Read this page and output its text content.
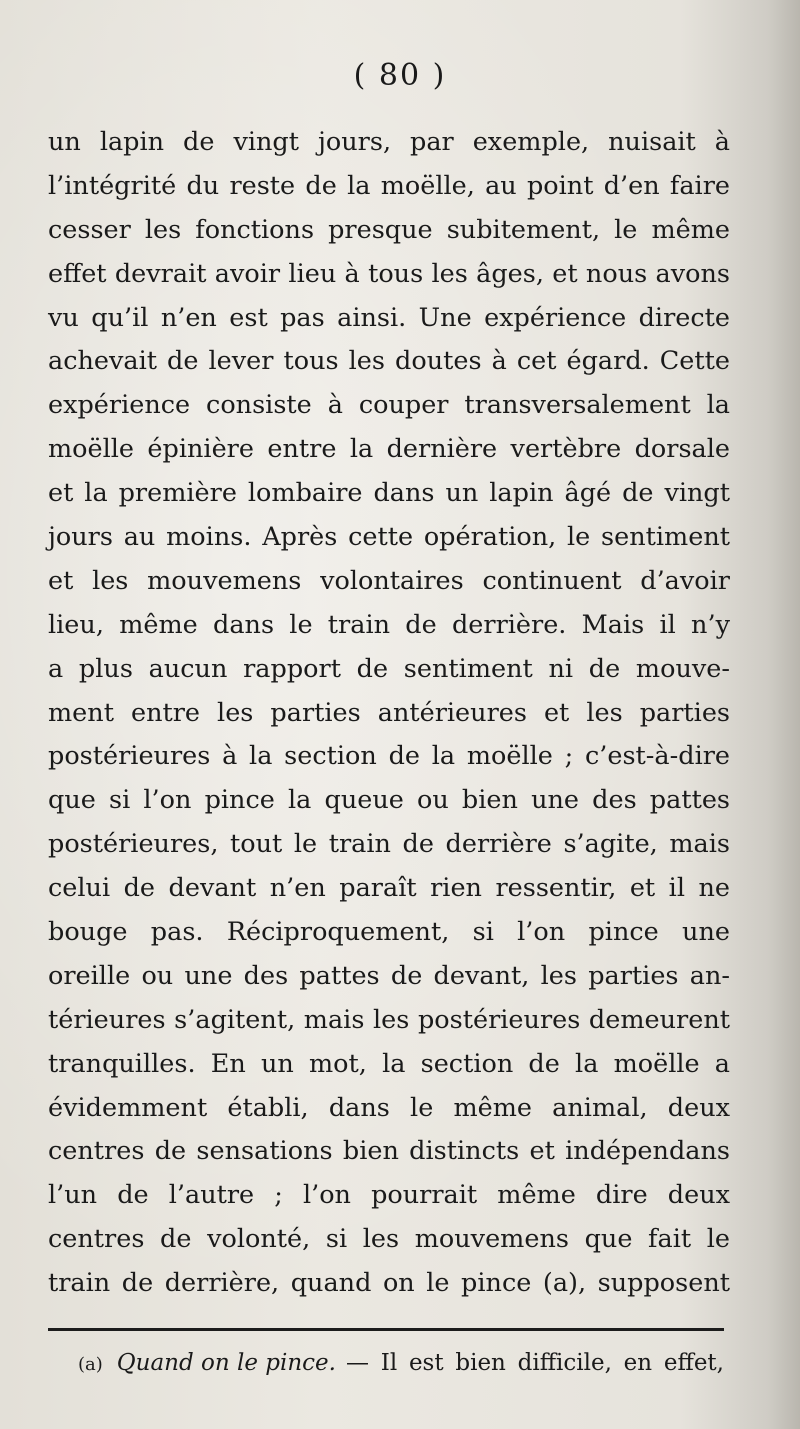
( 80 )
un lapin de vingt jours, par exemple, nuisait à
l’intégrité du reste de la moëlle, au point d’en faire
cesser les fonctions presque subitement, le même
effet devrait avoir lieu à tous les âges, et nous avons
vu qu’il n’en est pas ainsi. Une expérience directe
achevait de lever tous les doutes à cet égard. Cette
expérience consiste à couper transversalement la
moëlle épinière entre la dernière vertèbre dorsale
et la première lombaire dans un lapin âgé de vingt
jours au moins. Après cette opération, le sentiment
et les mouvemens volontaires continuent d’avoir
lieu, même dans le train de derrière. Mais il n’y
a plus aucun rapport de sentiment ni de mouve-
ment entre les parties antérieures et les parties
postérieures à la section de la moëlle ; c’est-à-dire
que si l’on pince la queue ou bien une des pattes
postérieures, tout le train de derrière s’agite, mais
celui de devant n’en paraît rien ressentir, et il ne
bouge pas. Réciproquement, si l’on pince une
oreille ou une des pattes de devant, les parties an-
térieures s’agitent, mais les postérieures demeurent
tranquilles. En un mot, la section de la moëlle a
évidemment établi, dans le même animal, deux
centres de sensations bien distincts et indépendans
l’un de l’autre ; l’on pourrait même dire deux
centres de volonté, si les mouvemens que fait le
train de derrière, quand on le pince (a), supposent
(a) Quand on le pince. — Il est bien difficile, en effet,
